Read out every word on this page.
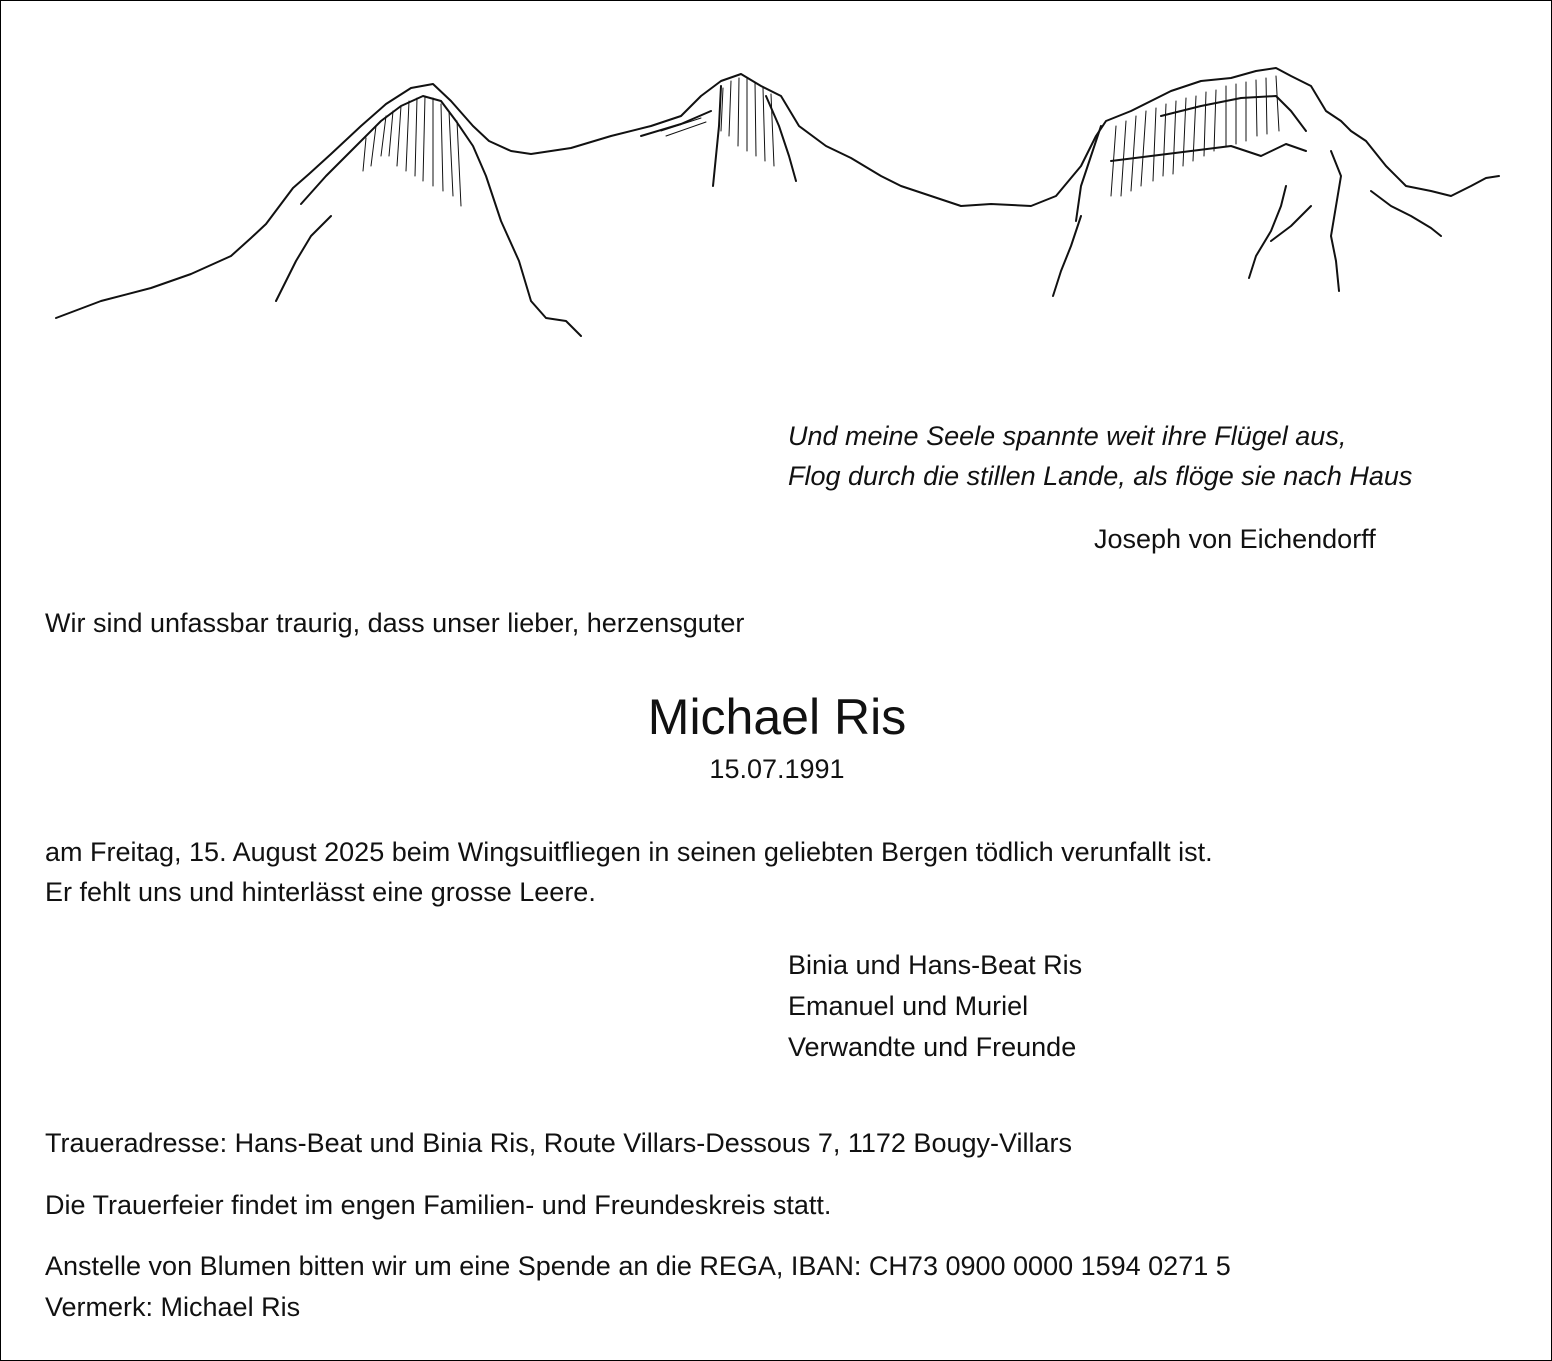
Und meine Seele spannte weit ihre Flügel aus,
Flog durch die stillen Lande, als flöge sie nach Haus
Joseph von Eichendorff
Wir sind unfassbar traurig, dass unser lieber, herzensguter
Michael Ris
15.07.1991
am Freitag, 15. August 2025 beim Wingsuitfliegen in seinen geliebten Bergen tödlich verunfallt ist.
Er fehlt uns und hinterlässt eine grosse Leere.
Binia und Hans-Beat Ris
Emanuel und Muriel
Verwandte und Freunde
Traueradresse: Hans-Beat und Binia Ris, Route Villars-Dessous 7, 1172 Bougy-Villars
Die Trauerfeier findet im engen Familien- und Freundeskreis statt.
Anstelle von Blumen bitten wir um eine Spende an die REGA, IBAN: CH73 0900 0000 1594 0271 5
Vermerk: Michael Ris
